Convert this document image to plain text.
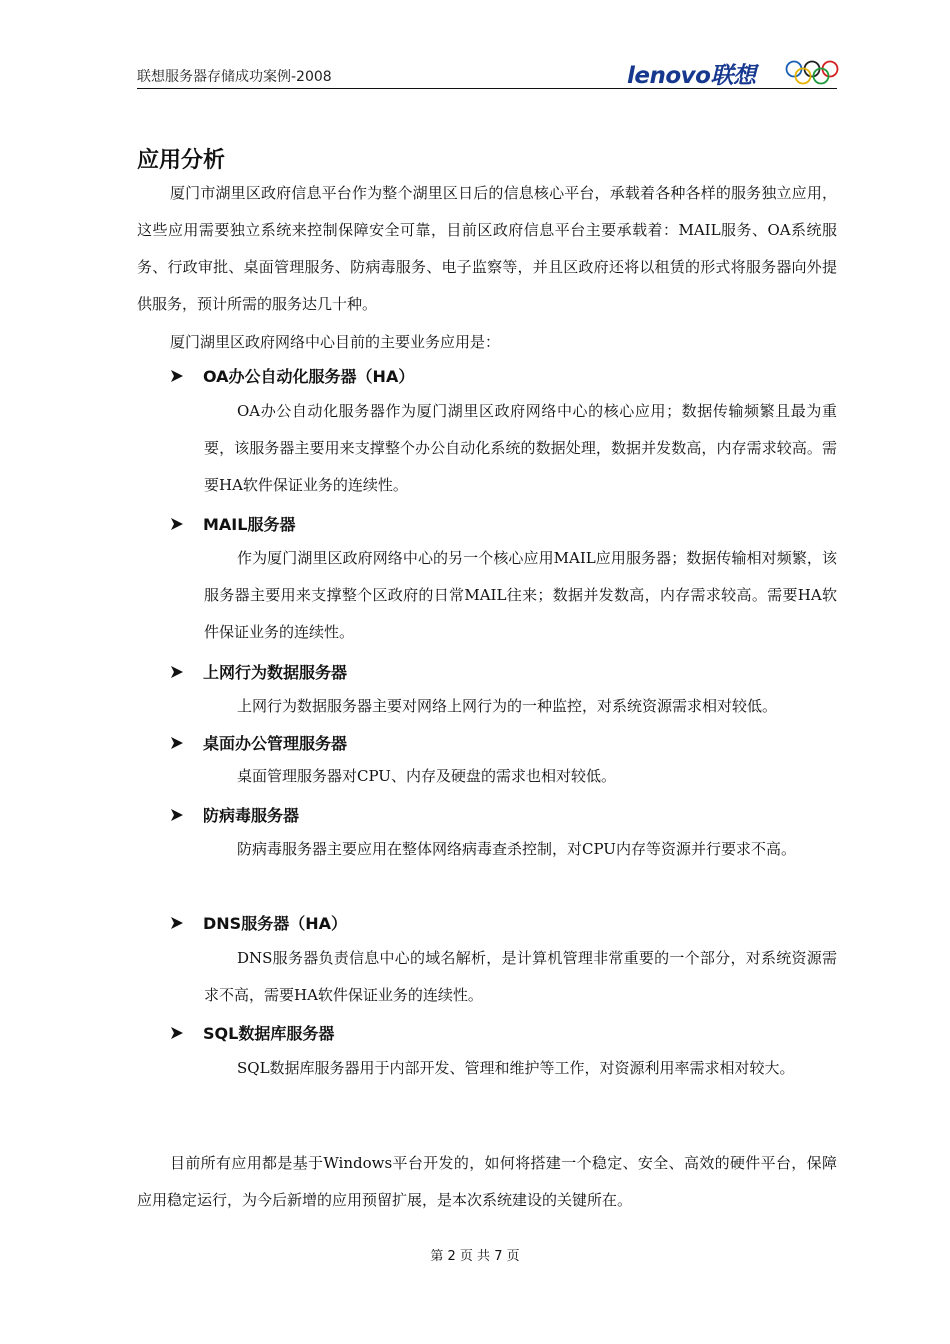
联想服务器存储成功案例-2008	lenovo联想
应用分析
厦门市湖里区政府信息平台作为整个湖里区日后的信息核心平台，承载着各种各样的服务独立应用，这些应用需要独立系统来控制保障安全可靠，目前区政府信息平台主要承载着：MAIL服务、OA系统服务、行政审批、桌面管理服务、防病毒服务、电子监察等，并且区政府还将以租赁的形式将服务器向外提供服务，预计所需的服务达几十种。
厦门湖里区政府网络中心目前的主要业务应用是：
OA办公自动化服务器（HA）
OA办公自动化服务器作为厦门湖里区政府网络中心的核心应用；数据传输频繁且最为重要，该服务器主要用来支撑整个办公自动化系统的数据处理，数据并发数高，内存需求较高。需要HA软件保证业务的连续性。
MAIL服务器
作为厦门湖里区政府网络中心的另一个核心应用MAIL应用服务器；数据传输相对频繁，该服务器主要用来支撑整个区政府的日常MAIL往来；数据并发数高，内存需求较高。需要HA软件保证业务的连续性。
上网行为数据服务器
上网行为数据服务器主要对网络上网行为的一种监控，对系统资源需求相对较低。
桌面办公管理服务器
桌面管理服务器对CPU、内存及硬盘的需求也相对较低。
防病毒服务器
防病毒服务器主要应用在整体网络病毒查杀控制，对CPU内存等资源并行要求不高。
DNS服务器（HA）
DNS服务器负责信息中心的域名解析，是计算机管理非常重要的一个部分，对系统资源需求不高，需要HA软件保证业务的连续性。
SQL数据库服务器
SQL数据库服务器用于内部开发、管理和维护等工作，对资源利用率需求相对较大。
目前所有应用都是基于Windows平台开发的，如何将搭建一个稳定、安全、高效的硬件平台，保障应用稳定运行，为今后新增的应用预留扩展，是本次系统建设的关键所在。
第 2 页 共 7 页
